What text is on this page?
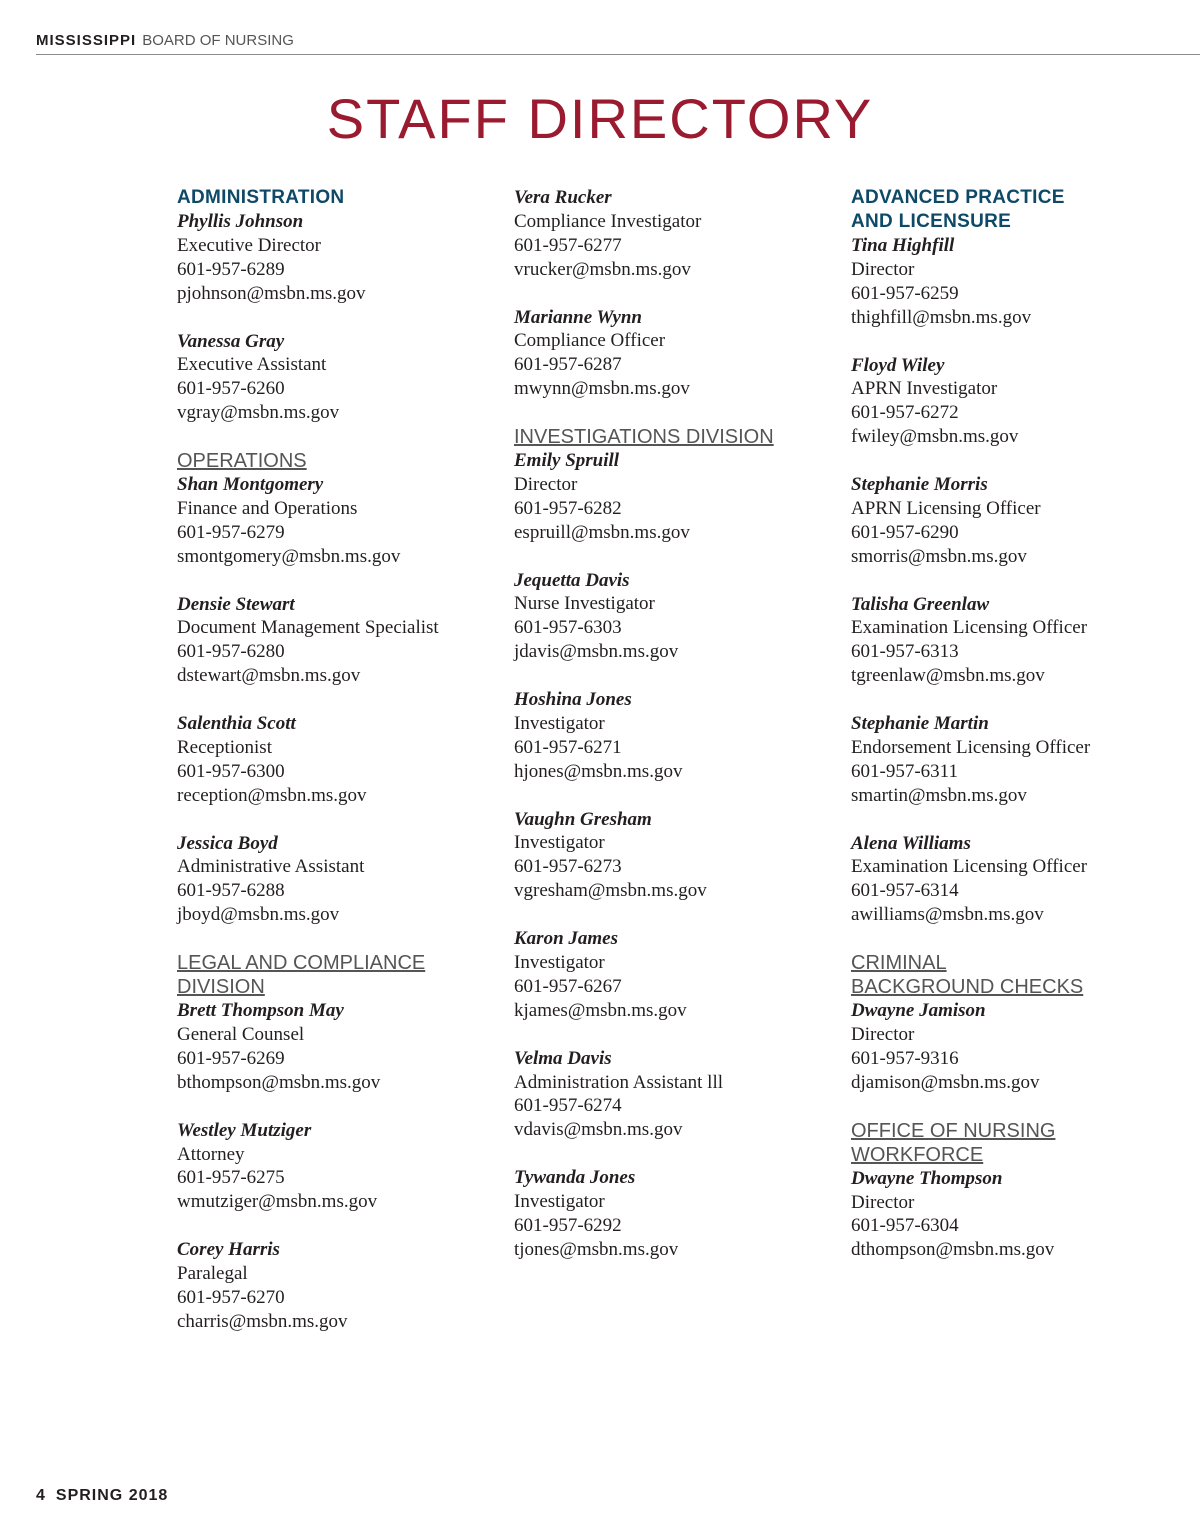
MISSISSIPPI BOARD OF NURSING
STAFF DIRECTORY
ADMINISTRATION
Phyllis Johnson
Executive Director
601-957-6289
pjohnson@msbn.ms.gov
Vanessa Gray
Executive Assistant
601-957-6260
vgray@msbn.ms.gov
OPERATIONS
Shan Montgomery
Finance and Operations
601-957-6279
smontgomery@msbn.ms.gov
Densie Stewart
Document Management Specialist
601-957-6280
dstewart@msbn.ms.gov
Salenthia Scott
Receptionist
601-957-6300
reception@msbn.ms.gov
Jessica Boyd
Administrative Assistant
601-957-6288
jboyd@msbn.ms.gov
LEGAL AND COMPLIANCE
DIVISION
Brett Thompson May
General Counsel
601-957-6269
bthompson@msbn.ms.gov
Westley Mutziger
Attorney
601-957-6275
wmutziger@msbn.ms.gov
Corey Harris
Paralegal
601-957-6270
charris@msbn.ms.gov
Vera Rucker
Compliance Investigator
601-957-6277
vrucker@msbn.ms.gov
Marianne Wynn
Compliance Officer
601-957-6287
mwynn@msbn.ms.gov
INVESTIGATIONS DIVISION
Emily Spruill
Director
601-957-6282
espruill@msbn.ms.gov
Jequetta Davis
Nurse Investigator
601-957-6303
jdavis@msbn.ms.gov
Hoshina Jones
Investigator
601-957-6271
hjones@msbn.ms.gov
Vaughn Gresham
Investigator
601-957-6273
vgresham@msbn.ms.gov
Karon James
Investigator
601-957-6267
kjames@msbn.ms.gov
Velma Davis
Administration Assistant lll
601-957-6274
vdavis@msbn.ms.gov
Tywanda Jones
Investigator
601-957-6292
tjones@msbn.ms.gov
ADVANCED PRACTICE
AND LICENSURE
Tina Highfill
Director
601-957-6259
thighfill@msbn.ms.gov
Floyd Wiley
APRN Investigator
601-957-6272
fwiley@msbn.ms.gov
Stephanie Morris
APRN Licensing Officer
601-957-6290
smorris@msbn.ms.gov
Talisha Greenlaw
Examination Licensing Officer
601-957-6313
tgreenlaw@msbn.ms.gov
Stephanie Martin
Endorsement Licensing Officer
601-957-6311
smartin@msbn.ms.gov
Alena Williams
Examination Licensing Officer
601-957-6314
awilliams@msbn.ms.gov
CRIMINAL
BACKGROUND CHECKS
Dwayne Jamison
Director
601-957-9316
djamison@msbn.ms.gov
OFFICE OF NURSING
WORKFORCE
Dwayne Thompson
Director
601-957-6304
dthompson@msbn.ms.gov
4 SPRING 2018
